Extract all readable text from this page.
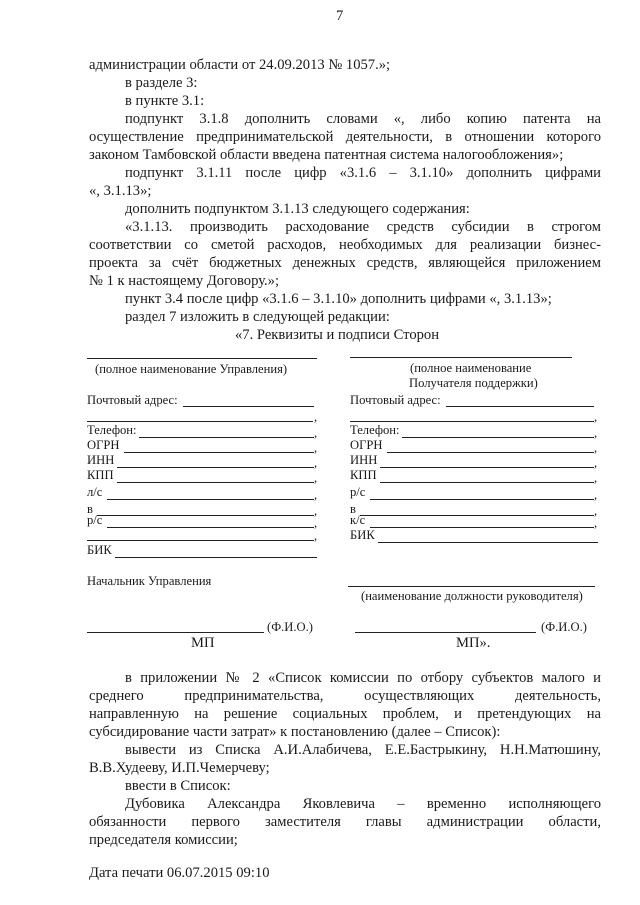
7
администрации области от 24.09.2013 № 1057.»;
в разделе 3:
в пункте 3.1:
подпункт 3.1.8 дополнить словами «, либо копию патента на
осуществление предпринимательской деятельности, в отношении которого
законом Тамбовской области введена патентная система налогообложения»;
подпункт 3.1.11 после цифр «3.1.6 – 3.1.10» дополнить цифрами
«, 3.1.13»;
дополнить подпунктом 3.1.13 следующего содержания:
«3.1.13. производить расходование средств субсидии в строгом
соответствии со сметой расходов, необходимых для реализации бизнес-
проекта за счёт бюджетных денежных средств, являющейся приложением
№ 1 к настоящему Договору.»;
пункт 3.4 после цифр «3.1.6 – 3.1.10» дополнить цифрами «, 3.1.13»;
раздел 7 изложить в следующей редакции:
«7. Реквизиты и подписи Сторон
(полное наименование Управления)
Почтовый адрес:
,
Телефон:	,
ОГРН	,
ИНН	,
КПП	,
л/с	,
в	,
р/с	,
,
БИК
Начальник Управления
(Ф.И.О.)
МП
(полное наименование
Получателя поддержки)
Почтовый адрес:
,
Телефон:	,
ОГРН	,
ИНН	,
КПП	,
р/с	,
в	,
к/с	,
БИК
(наименование должности руководителя)
(Ф.И.О.)
МП».
в приложении № 2 «Список комиссии по отбору субъектов малого и
среднего предпринимательства, осуществляющих деятельность,
направленную на решение социальных проблем, и претендующих на
субсидирование части затрат» к постановлению (далее – Список):
вывести из Списка А.И.Алабичева, Е.Е.Бастрыкину, Н.Н.Матюшину,
В.В.Худееву, И.П.Чемерчеву;
ввести в Список:
Дубовика Александра Яковлевича – временно исполняющего
обязанности первого заместителя главы администрации области,
председателя комиссии;
Дата печати 06.07.2015 09:10
